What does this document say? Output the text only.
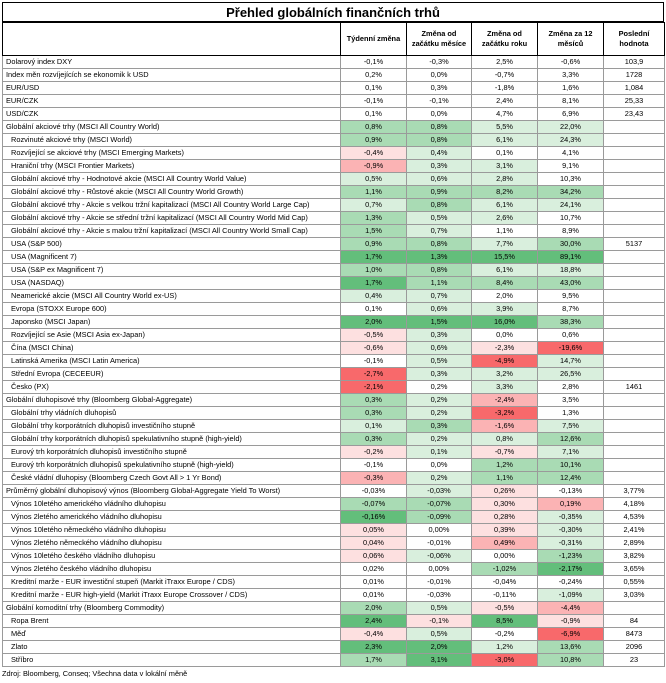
Přehled globálních finančních trhů
	Týdenní změna	Změna od začátku měsíce	Změna od začátku roku	Změna za 12 měsíců	Poslední hodnota
Dolarový index DXY	-0,1%	-0,3%	2,5%	-0,6%	103,9
Index měn rozvíjejících se ekonomik k USD	0,2%	0,0%	-0,7%	3,3%	1728
EUR/USD	0,1%	0,3%	-1,8%	1,6%	1,084
EUR/CZK	-0,1%	-0,1%	2,4%	8,1%	25,33
USD/CZK	0,1%	0,0%	4,7%	6,9%	23,43
Globální akciové trhy (MSCI All Country World)	0,8%	0,8%	5,5%	22,0%	
Rozvinuté akciové trhy (MSCI World)	0,9%	0,8%	6,1%	24,3%	
Rozvíjející se akciové trhy (MSCI Emerging Markets)	-0,4%	0,4%	0,1%	4,1%	
Hraniční trhy (MSCI Frontier Markets)	-0,9%	0,3%	3,1%	9,1%	
Globální akciové trhy - Hodnotové akcie (MSCI All Country World Value)	0,5%	0,6%	2,8%	10,3%	
Globální akciové trhy - Růstové akcie (MSCI All Country World Growth)	1,1%	0,9%	8,2%	34,2%	
Globální akciové trhy - Akcie s velkou tržní kapitalizací (MSCI All Country World Large Cap)	0,7%	0,8%	6,1%	24,1%	
Globální akciové trhy - Akcie se střední tržní kapitalizací (MSCI All Country World Mid Cap)	1,3%	0,5%	2,6%	10,7%	
Globální akciové trhy - Akcie s malou tržní kapitalizací (MSCI All Country World Small Cap)	1,5%	0,7%	1,1%	8,9%	
USA (S&P 500)	0,9%	0,8%	7,7%	30,0%	5137
USA (Magnificent 7)	1,7%	1,3%	15,5%	89,1%	
USA (S&P ex Magnificent 7)	1,0%	0,8%	6,1%	18,8%	
USA (NASDAQ)	1,7%	1,1%	8,4%	43,0%	
Neamerické akcie (MSCI All Country World ex-US)	0,4%	0,7%	2,0%	9,5%	
Evropa (STOXX Europe 600)	0,1%	0,6%	3,9%	8,7%	
Japonsko (MSCI Japan)	2,0%	1,5%	16,0%	38,3%	
Rozvíjející se Asie (MSCI Asia ex-Japan)	-0,5%	0,3%	0,0%	0,6%	
Čína (MSCI China)	-0,6%	0,6%	-2,3%	-19,6%	
Latinská Amerika (MSCI Latin America)	-0,1%	0,5%	-4,9%	14,7%	
Střední Evropa (CECEEUR)	-2,7%	0,3%	3,2%	26,5%	
Česko (PX)	-2,1%	0,2%	3,3%	2,8%	1461
Globální dluhopisové trhy (Bloomberg Global-Aggregate)	0,3%	0,2%	-2,4%	3,5%	
Globální trhy vládních dluhopisů	0,3%	0,2%	-3,2%	1,3%	
Globální trhy korporátních dluhopisů investičního stupně	0,1%	0,3%	-1,6%	7,5%	
Globální trhy korporátních dluhopisů spekulativního stupně (high-yield)	0,3%	0,2%	0,8%	12,6%	
Eurový trh korporátních dluhopisů investičního stupně	-0,2%	0,1%	-0,7%	7,1%	
Eurový trh korporátních dluhopisů spekulativního stupně (high-yield)	-0,1%	0,0%	1,2%	10,1%	
České vládní dluhopisy (Bloomberg Czech Govt All > 1 Yr Bond)	-0,3%	0,2%	1,1%	12,4%	
Průměrný globální dluhopisový výnos (Bloomberg Global-Aggregate Yield To Worst)	-0,03%	-0,03%	0,26%	-0,13%	3,77%
Výnos 10letého amerického vládního dluhopisu	-0,07%	-0,07%	0,30%	0,19%	4,18%
Výnos 2letého amerického vládního dluhopisu	-0,16%	-0,09%	0,28%	-0,35%	4,53%
Výnos 10letého německého vládního dluhopisu	0,05%	0,00%	0,39%	-0,30%	2,41%
Výnos 2letého německého vládního dluhopisu	0,04%	-0,01%	0,49%	-0,31%	2,89%
Výnos 10letého českého vládního dluhopisu	0,06%	-0,06%	0,00%	-1,23%	3,82%
Výnos 2letého českého vládního dluhopisu	0,02%	0,00%	-1,02%	-2,17%	3,65%
Kreditní marže - EUR investiční stupeň (Markit iTraxx Europe / CDS)	0,01%	-0,01%	-0,04%	-0,24%	0,55%
Kreditní marže - EUR high-yield (Markit iTraxx Europe Crossover / CDS)	0,01%	-0,03%	-0,11%	-1,09%	3,03%
Globální komoditní trhy (Bloomberg Commodity)	2,0%	0,5%	-0,5%	-4,4%	
Ropa Brent	2,4%	-0,1%	8,5%	-0,9%	84
Měď	-0,4%	0,5%	-0,2%	-6,9%	8473
Zlato	2,3%	2,0%	1,2%	13,6%	2096
Stříbro	1,7%	3,1%	-3,0%	10,8%	23
Zdroj: Bloomberg, Conseq; Všechna data v lokální měně
